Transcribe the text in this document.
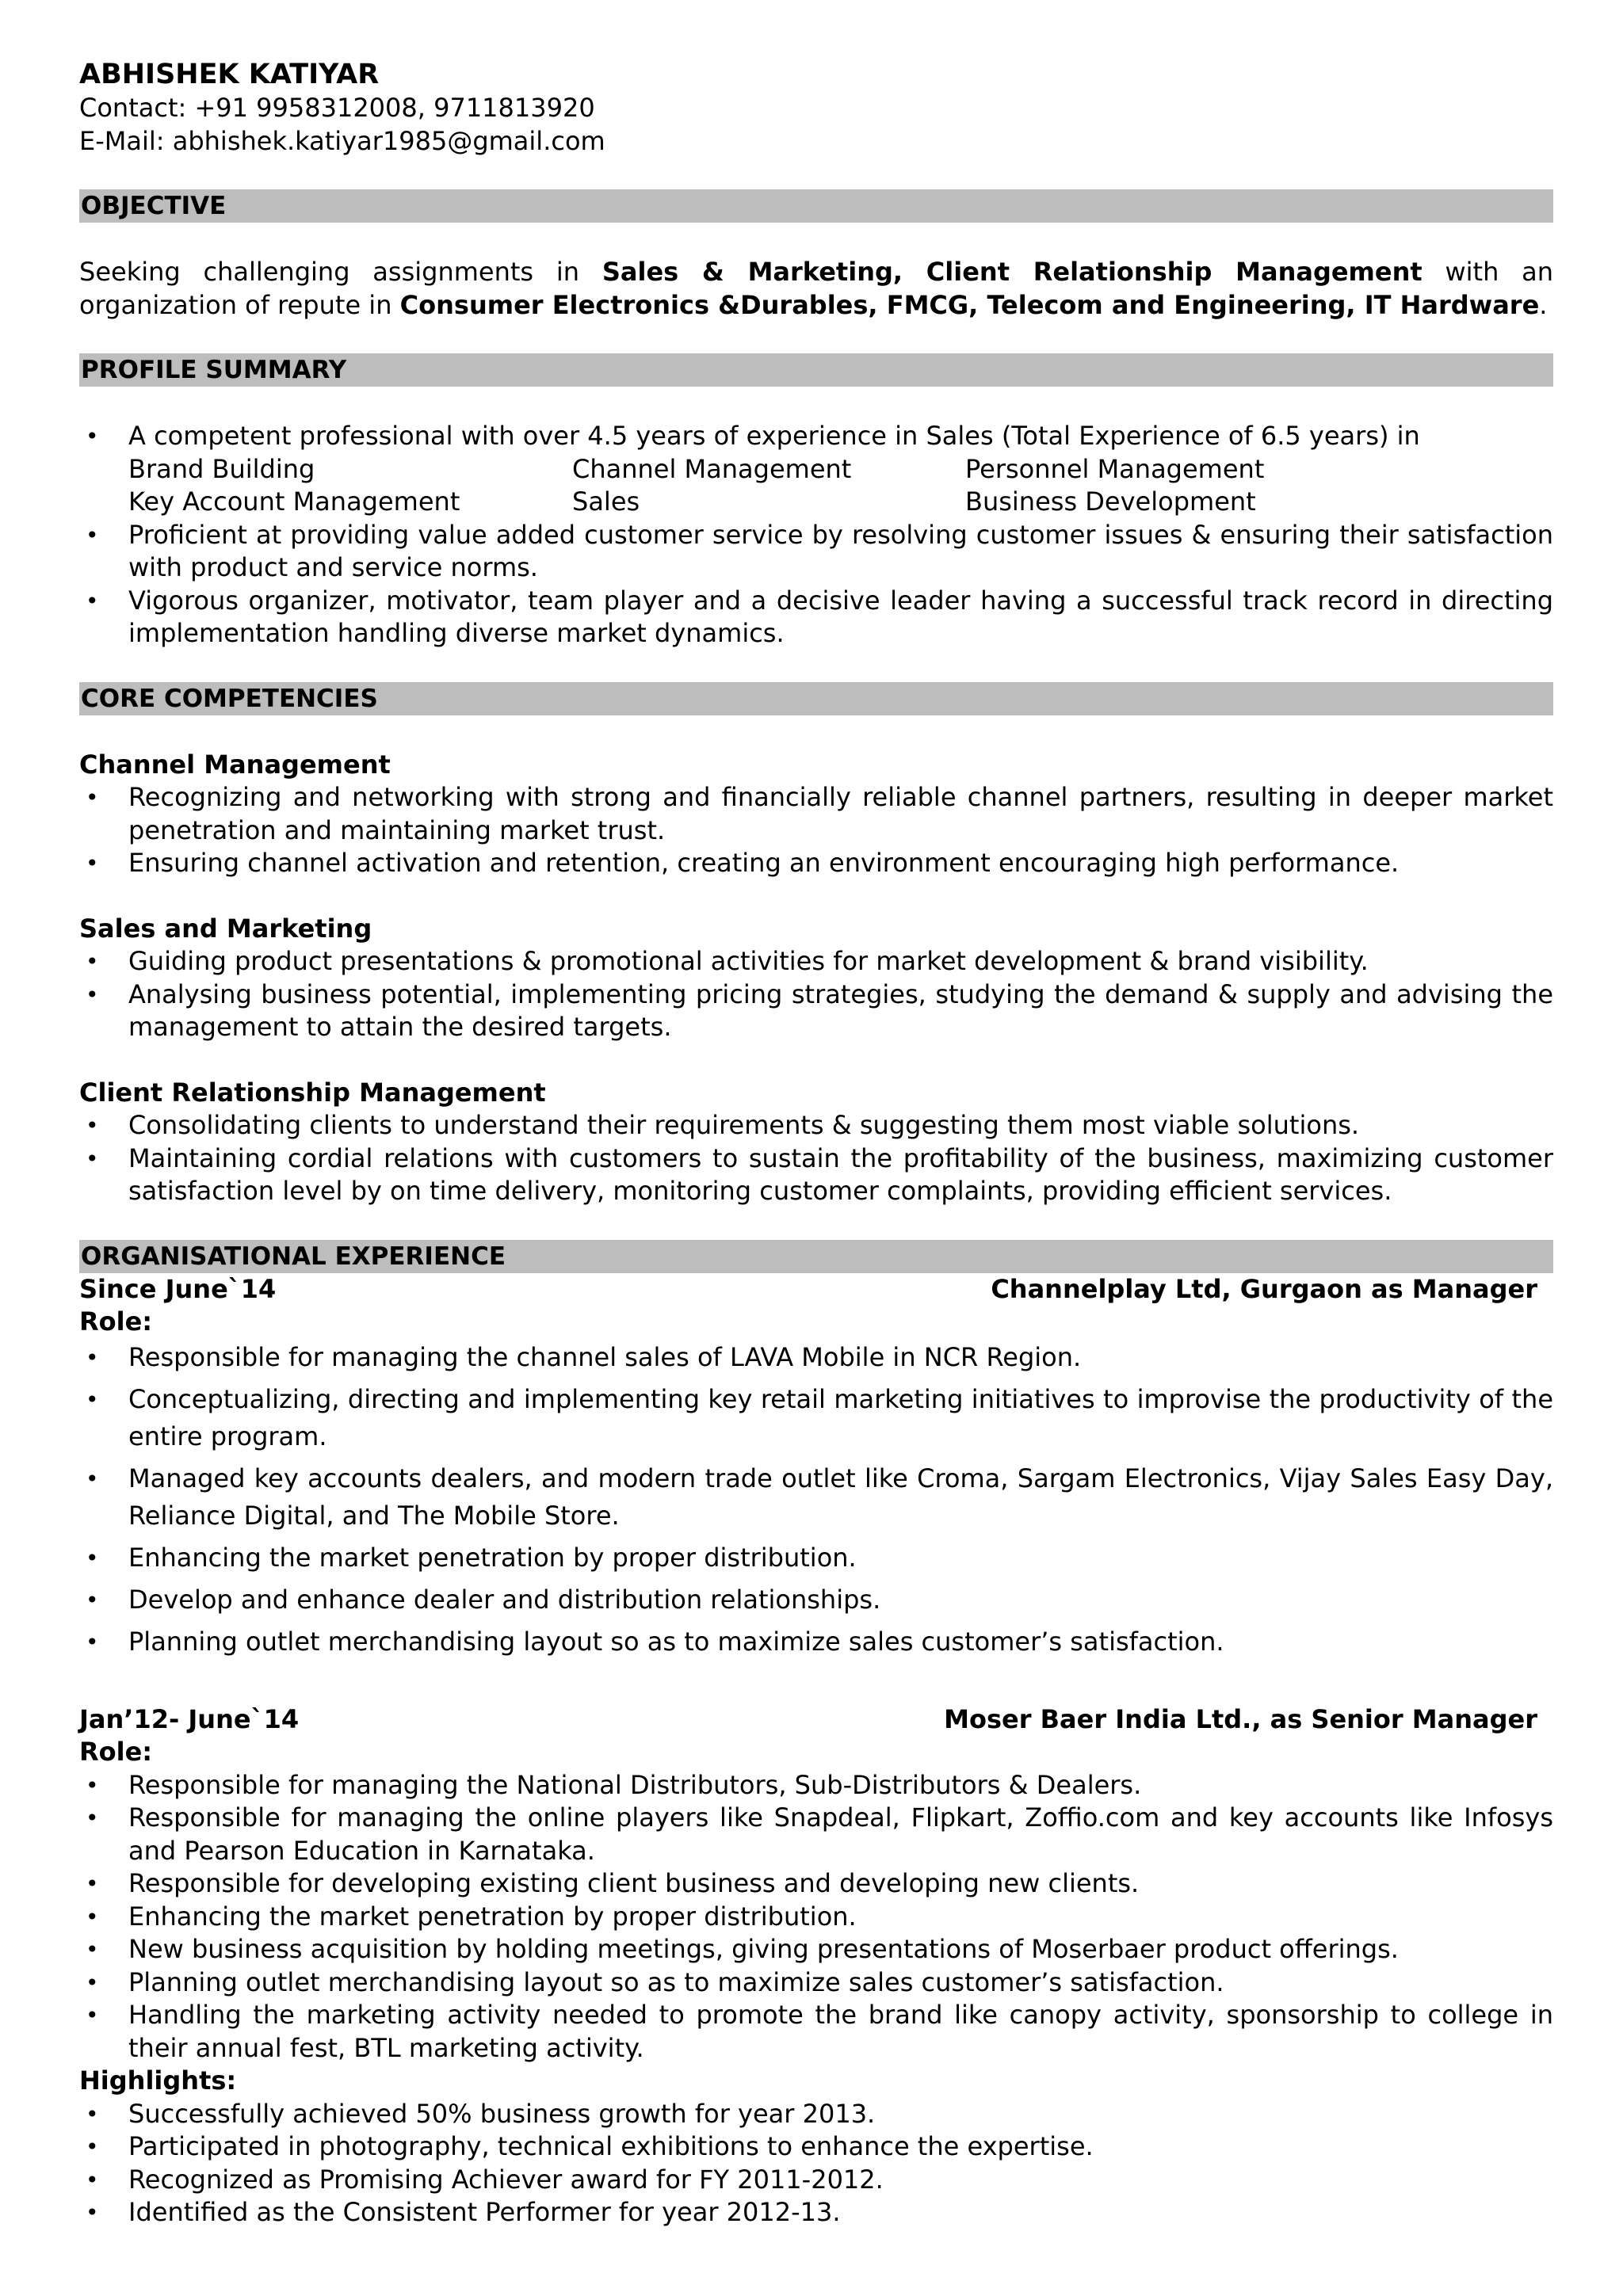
ABHISHEK KATIYAR
Contact: +91 9958312008, 9711813920
E-Mail: abhishek.katiyar1985@gmail.com
OBJECTIVE
Seeking challenging assignments in Sales & Marketing, Client Relationship Management with an organization of repute in Consumer Electronics &Durables, FMCG, Telecom and Engineering, IT Hardware.
PROFILE SUMMARY
• A competent professional with over 4.5 years of experience in Sales (Total Experience of 6.5 years) in
Brand Building	Channel Management	Personnel Management
Key Account Management	Sales	Business Development
• Proficient at providing value added customer service by resolving customer issues & ensuring their satisfaction with product and service norms.
• Vigorous organizer, motivator, team player and a decisive leader having a successful track record in directing implementation handling diverse market dynamics.
CORE COMPETENCIES
Channel Management
• Recognizing and networking with strong and financially reliable channel partners, resulting in deeper market penetration and maintaining market trust.
• Ensuring channel activation and retention, creating an environment encouraging high performance.
Sales and Marketing
• Guiding product presentations & promotional activities for market development & brand visibility.
• Analysing business potential, implementing pricing strategies, studying the demand & supply and advising the management to attain the desired targets.
Client Relationship Management
• Consolidating clients to understand their requirements & suggesting them most viable solutions.
• Maintaining cordial relations with customers to sustain the profitability of the business, maximizing customer satisfaction level by on time delivery, monitoring customer complaints, providing efficient services.
ORGANISATIONAL EXPERIENCE
Since June`14	Channelplay Ltd, Gurgaon as Manager
Role:
• Responsible for managing the channel sales of LAVA Mobile in NCR Region.
• Conceptualizing, directing and implementing key retail marketing initiatives to improvise the productivity of the entire program.
• Managed key accounts dealers, and modern trade outlet like Croma, Sargam Electronics, Vijay Sales Easy Day, Reliance Digital, and The Mobile Store.
• Enhancing the market penetration by proper distribution.
• Develop and enhance dealer and distribution relationships.
• Planning outlet merchandising layout so as to maximize sales customer’s satisfaction.
Jan’12- June`14	Moser Baer India Ltd., as Senior Manager
Role:
• Responsible for managing the National Distributors, Sub-Distributors & Dealers.
• Responsible for managing the online players like Snapdeal, Flipkart, Zoffio.com and key accounts like Infosys and Pearson Education in Karnataka.
• Responsible for developing existing client business and developing new clients.
• Enhancing the market penetration by proper distribution.
• New business acquisition by holding meetings, giving presentations of Moserbaer product offerings.
• Planning outlet merchandising layout so as to maximize sales customer’s satisfaction.
• Handling the marketing activity needed to promote the brand like canopy activity, sponsorship to college in their annual fest, BTL marketing activity.
Highlights:
• Successfully achieved 50% business growth for year 2013.
• Participated in photography, technical exhibitions to enhance the expertise.
• Recognized as Promising Achiever award for FY 2011-2012.
• Identified as the Consistent Performer for year 2012-13.
